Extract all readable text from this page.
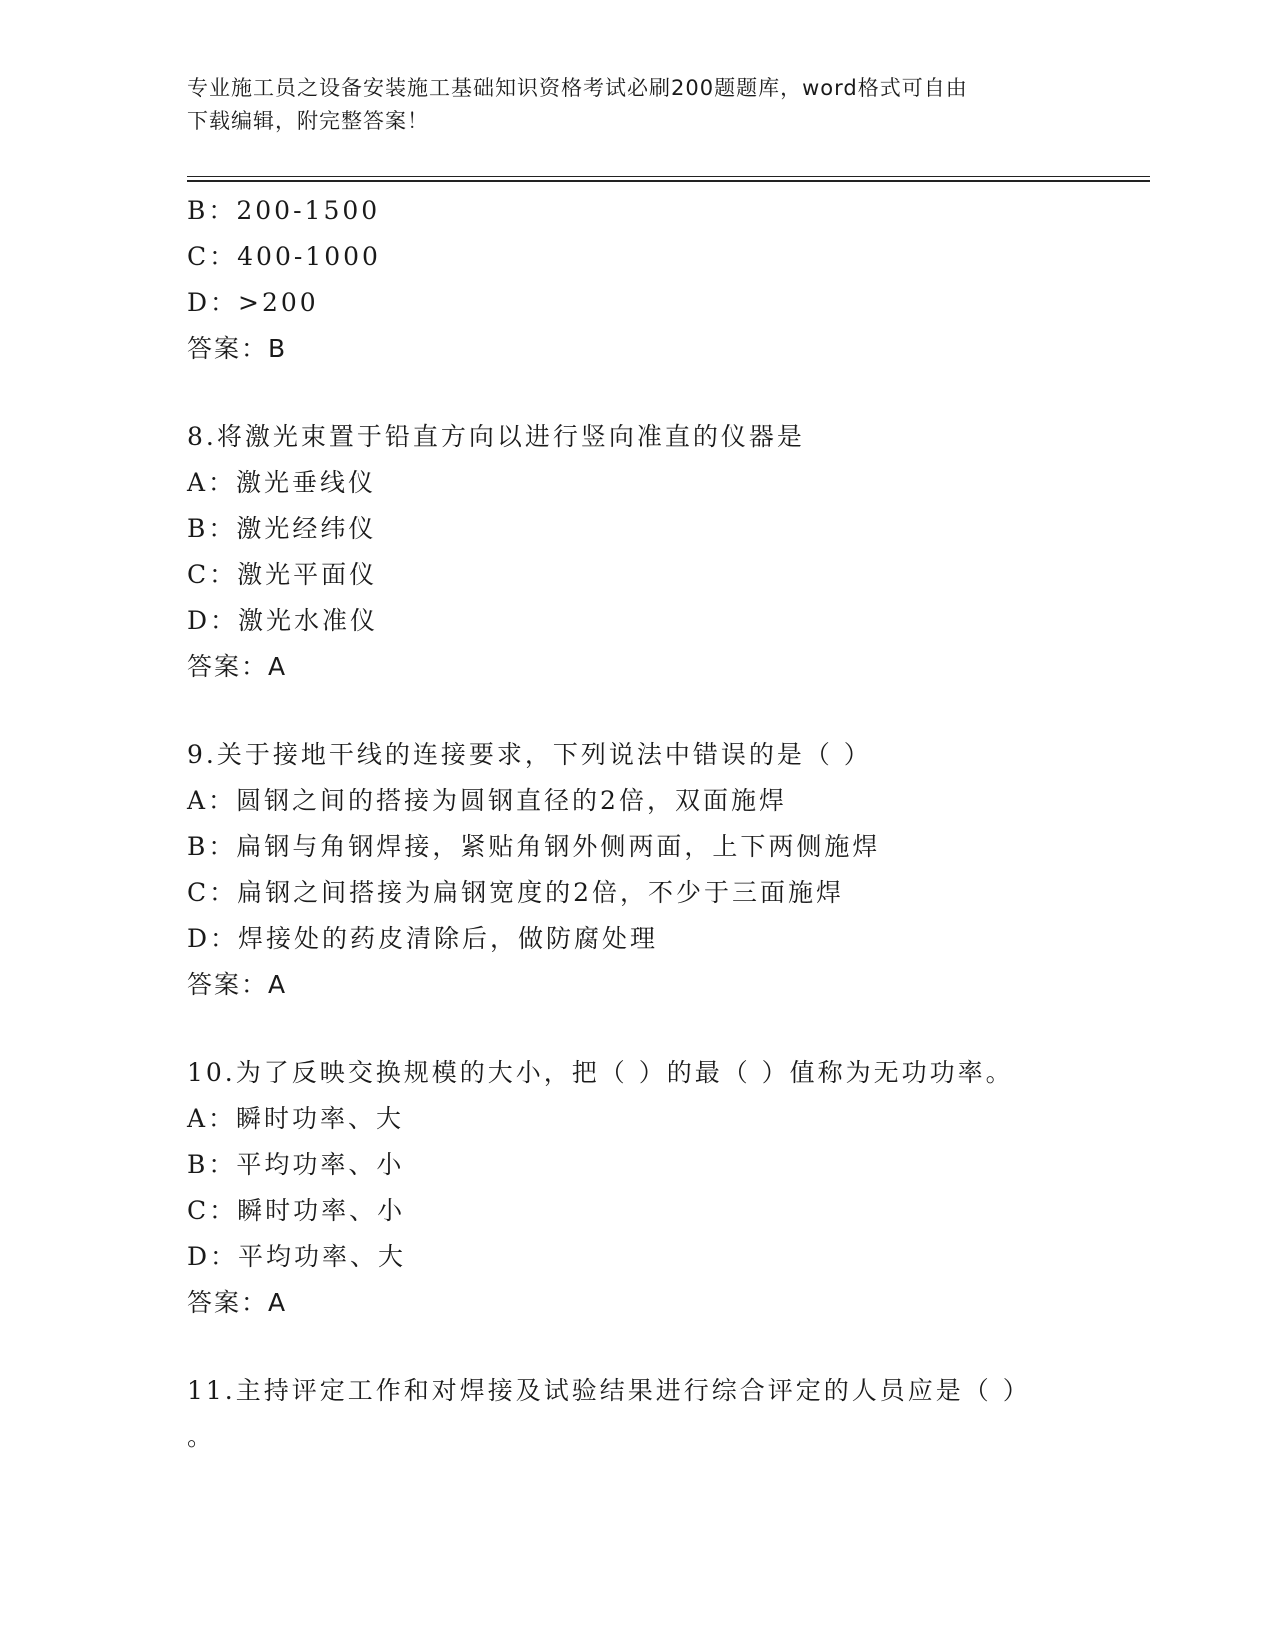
专业施工员之设备安装施工基础知识资格考试必刷200题题库，word格式可自由
下载编辑，附完整答案！
B：200-1500
C：400-1000
D：>200
答案：B
8.将激光束置于铅直方向以进行竖向准直的仪器是
A：激光垂线仪
B：激光经纬仪
C：激光平面仪
D：激光水准仪
答案：A
9.关于接地干线的连接要求，下列说法中错误的是（ ）
A：圆钢之间的搭接为圆钢直径的2倍，双面施焊
B：扁钢与角钢焊接，紧贴角钢外侧两面，上下两侧施焊
C：扁钢之间搭接为扁钢宽度的2倍，不少于三面施焊
D：焊接处的药皮清除后，做防腐处理
答案：A
10.为了反映交换规模的大小，把（ ）的最（ ）值称为无功功率。
A：瞬时功率、大
B：平均功率、小
C：瞬时功率、小
D：平均功率、大
答案：A
11.主持评定工作和对焊接及试验结果进行综合评定的人员应是（ ）
。
